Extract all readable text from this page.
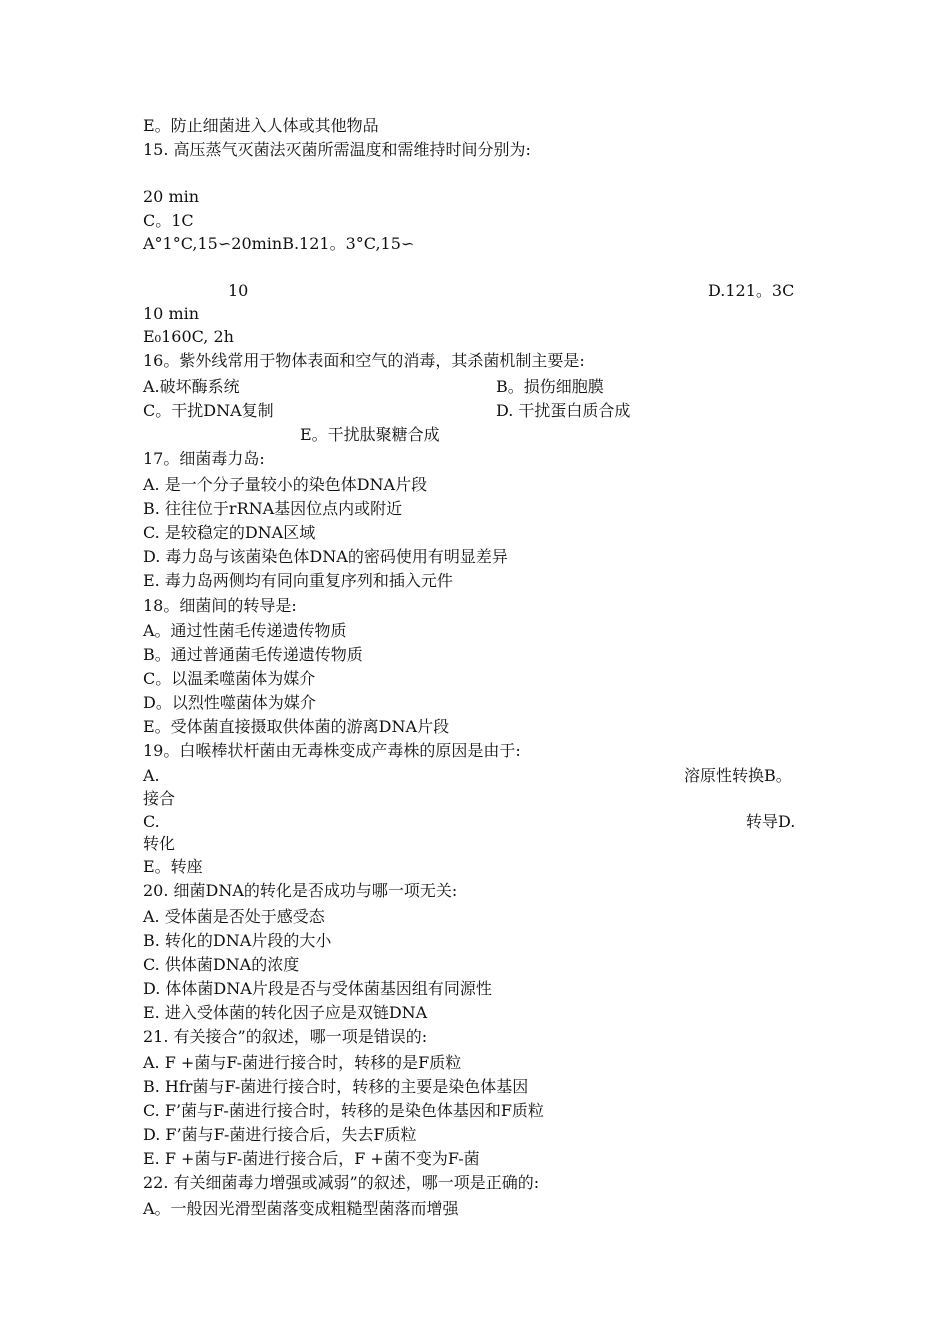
E。防止细菌进入人体或其他物品
15. 高压蒸气灭菌法灭菌所需温度和需维持时间分别为:
20 min
C。1C
A°1°C,15∽20minB.121。3°C,15∽
10	D.121。3C
10 min
E₀160C, 2h
16。紫外线常用于物体表面和空气的消毒，其杀菌机制主要是:
A.破坏酶系统	B。损伤细胞膜
C。干扰DNA复制	D. 干扰蛋白质合成
E。干扰肽聚糖合成
17。细菌毒力岛:
A. 是一个分子量较小的染色体DNA片段
B. 往往位于rRNA基因位点内或附近
C. 是较稳定的DNA区域
D. 毒力岛与该菌染色体DNA的密码使用有明显差异
E. 毒力岛两侧均有同向重复序列和插入元件
18。细菌间的转导是:
A。通过性菌毛传递遗传物质
B。通过普通菌毛传递遗传物质
C。以温柔噬菌体为媒介
D。以烈性噬菌体为媒介
E。受体菌直接摄取供体菌的游离DNA片段
19。白喉棒状杆菌由无毒株变成产毒株的原因是由于:
A.	溶原性转换B。
接合
C.	转导D.
转化
E。转座
20. 细菌DNA的转化是否成功与哪一项无关:
A. 受体菌是否处于感受态
B. 转化的DNA片段的大小
C. 供体菌DNA的浓度
D. 体体菌DNA片段是否与受体菌基因组有同源性
E. 进入受体菌的转化因子应是双链DNA
21. 有关接合”的叙述，哪一项是错误的:
A. F +菌与F-菌进行接合时，转移的是F质粒
B. Hfr菌与F-菌进行接合时，转移的主要是染色体基因
C. F’菌与F-菌进行接合时，转移的是染色体基因和F质粒
D. F’菌与F-菌进行接合后，失去F质粒
E. F +菌与F-菌进行接合后，F +菌不变为F-菌
22. 有关细菌毒力增强或减弱”的叙述，哪一项是正确的:
A。一般因光滑型菌落变成粗糙型菌落而增强
